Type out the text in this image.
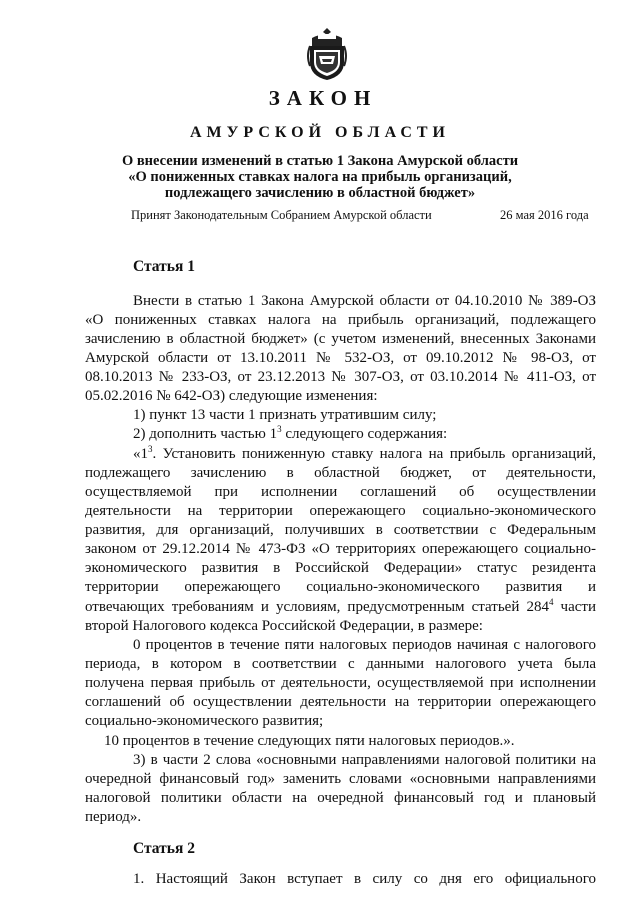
ЗАКОН
АМУРСКОЙ ОБЛАСТИ
О внесении изменений в статью 1 Закона Амурской области
«О пониженных ставках налога на прибыль организаций,
подлежащего зачислению в областной бюджет»
Принят Законодательным Собранием Амурской области	26 мая 2016 года
Статья 1
Внести в статью 1 Закона Амурской области от 04.10.2010 № 389-ОЗ
«О пониженных ставках налога на прибыль организаций, подлежащего
зачислению в областной бюджет» (с учетом изменений, внесенных Законами
Амурской области от 13.10.2011 № 532-ОЗ, от 09.10.2012 № 98-ОЗ, от
08.10.2013 № 233-ОЗ, от 23.12.2013 № 307-ОЗ, от 03.10.2014 № 411-ОЗ, от
05.02.2016 № 642-ОЗ) следующие изменения:
1) пункт 13 части 1 признать утратившим силу;
2) дополнить частью $1^3$ следующего содержания:
«$1^3$. Установить пониженную ставку налога на прибыль организаций,
подлежащего зачислению в областной бюджет, от деятельности,
осуществляемой при исполнении соглашений об осуществлении
деятельности на территории опережающего социально-экономического
развития, для организаций, получивших в соответствии с Федеральным
законом от 29.12.2014 № 473-ФЗ «О территориях опережающего социально-
экономического развития в Российской Федерации» статус резидента
территории опережающего социально-экономического развития и
отвечающих требованиям и условиям, предусмотренным статьей $284^4$ части
второй Налогового кодекса Российской Федерации, в размере:
0 процентов в течение пяти налоговых периодов начиная с налогового
периода, в котором в соответствии с данными налогового учета была
получена первая прибыль от деятельности, осуществляемой при исполнении
соглашений об осуществлении деятельности на территории опережающего
социально-экономического развития;
10 процентов в течение следующих пяти налоговых периодов.».
3) в части 2 слова «основными направлениями налоговой политики на
очередной финансовый год» заменить словами «основными направлениями
налоговой политики области на очередной финансовый год и плановый
период».
Статья 2
1. Настоящий Закон вступает в силу со дня его официального
